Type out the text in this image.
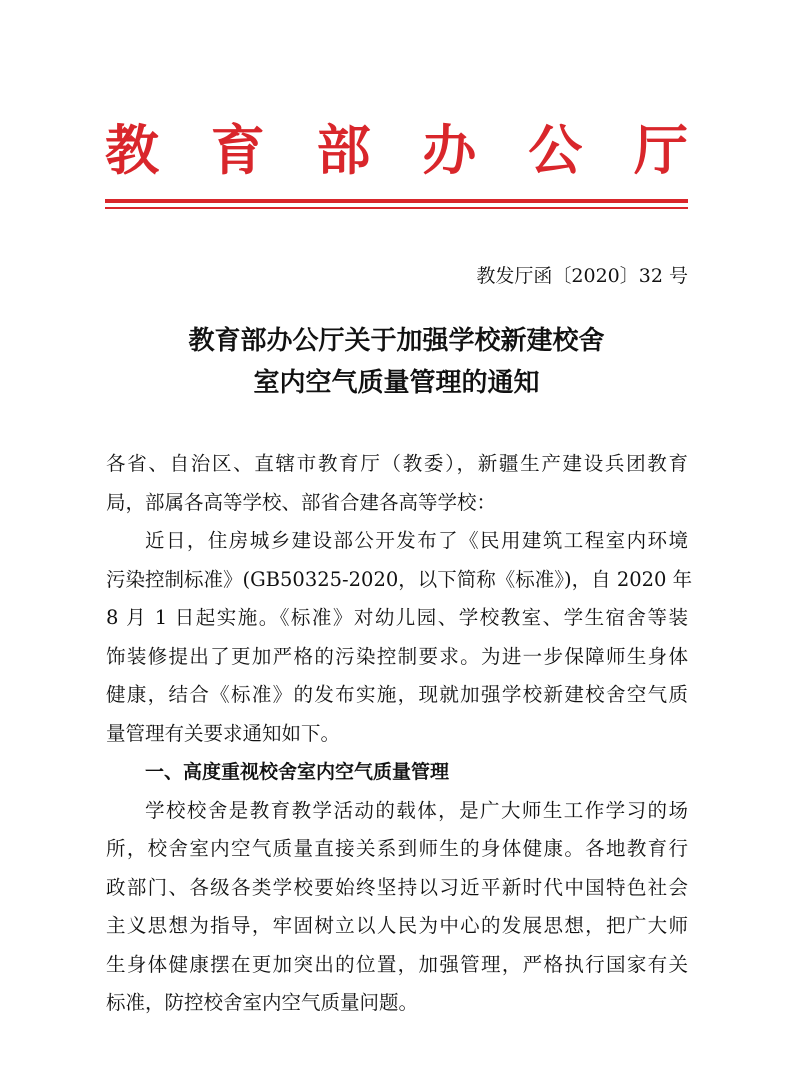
教育部办公厅
教发厅函〔2020〕32 号
教育部办公厅关于加强学校新建校舍
室内空气质量管理的通知
各省、自治区、直辖市教育厅（教委），新疆生产建设兵团教育
局，部属各高等学校、部省合建各高等学校：
近日，住房城乡建设部公开发布了《民用建筑工程室内环境
污染控制标准》(GB50325-2020，以下简称《标准》)，自 2020 年
8 月 1 日起实施。《标准》对幼儿园、学校教室、学生宿舍等装
饰装修提出了更加严格的污染控制要求。为进一步保障师生身体
健康，结合《标准》的发布实施，现就加强学校新建校舍空气质
量管理有关要求通知如下。
一、高度重视校舍室内空气质量管理
学校校舍是教育教学活动的载体，是广大师生工作学习的场
所，校舍室内空气质量直接关系到师生的身体健康。各地教育行
政部门、各级各类学校要始终坚持以习近平新时代中国特色社会
主义思想为指导，牢固树立以人民为中心的发展思想，把广大师
生身体健康摆在更加突出的位置，加强管理，严格执行国家有关
标准，防控校舍室内空气质量问题。
